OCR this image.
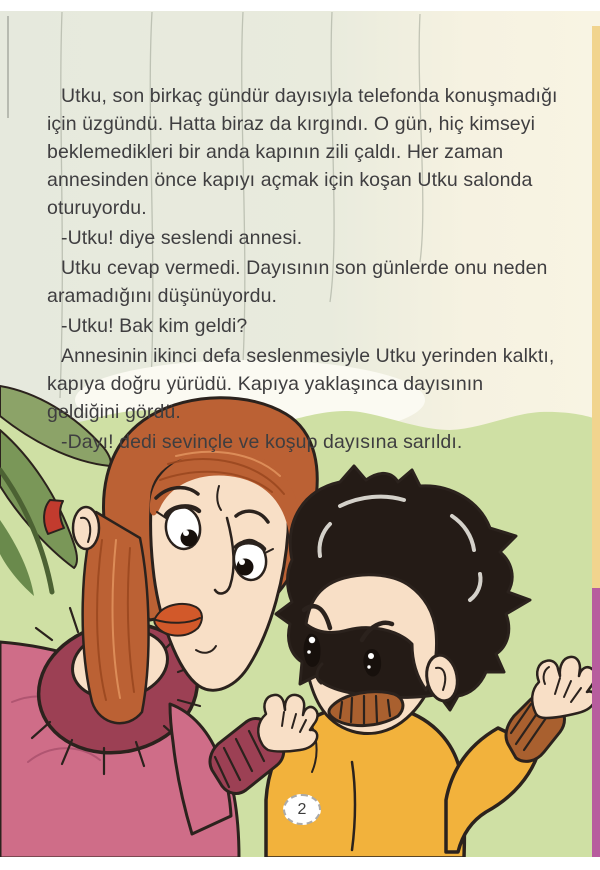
Utku, son birkaç gündür dayısıyla telefonda konuşmadığı için üzgündü. Hatta biraz da kırgındı. O gün, hiç kimseyi beklemedikleri bir anda kapının zili çaldı. Her zaman annesinden önce kapıyı açmak için koşan Utku salonda oturuyordu.

-Utku! diye seslendi annesi.

Utku cevap vermedi. Dayısının son günlerde onu neden aramadığını düşünüyordu.

-Utku! Bak kim geldi?

Annesinin ikinci defa seslenmesiyle Utku yerinden kalktı, kapıya doğru yürüdü. Kapıya yaklaşınca dayısının geldiğini gördü.

-Dayı! dedi sevinçle ve koşup dayısına sarıldı.

2
